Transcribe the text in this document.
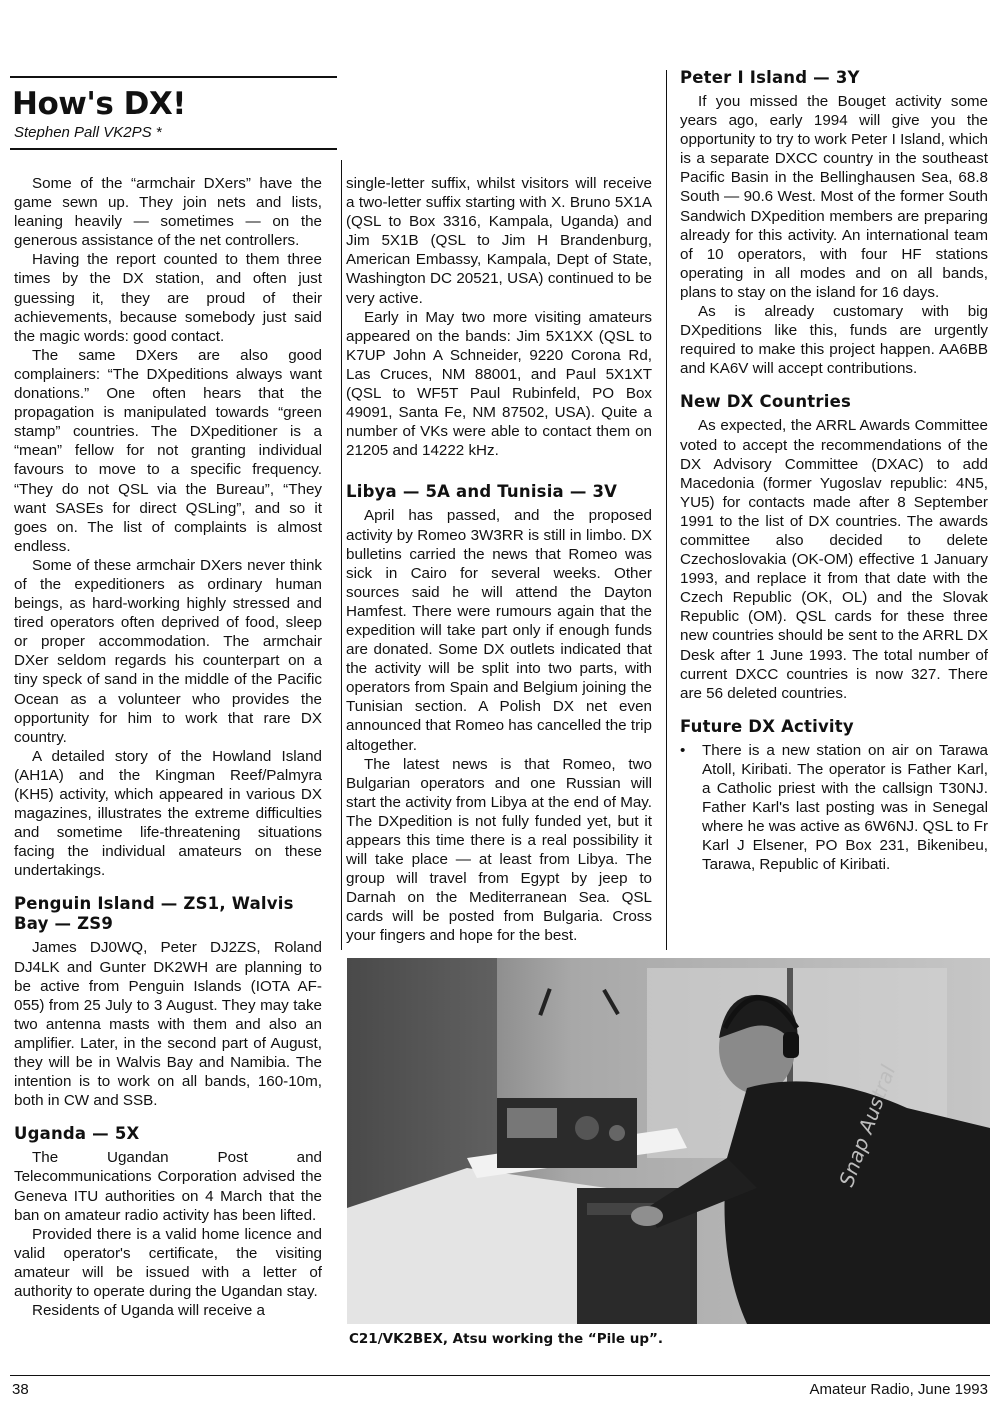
How's DX!

Stephen Pall VK2PS *

Some of the “armchair DXers” have the game sewn up. They join nets and lists, leaning heavily — sometimes — on the generous assistance of the net controllers.

Having the report counted to them three times by the DX station, and often just guessing it, they are proud of their achievements, because somebody just said the magic words: good contact.

The same DXers are also good complainers: “The DXpeditions always want donations.” One often hears that the propagation is manipulated towards “green stamp” countries. The DXpeditioner is a “mean” fellow for not granting individual favours to move to a specific frequency. “They do not QSL via the Bureau”, “They want SASEs for direct QSLing”, and so it goes on. The list of complaints is almost endless.

Some of these armchair DXers never think of the expeditioners as ordinary human beings, as hard-working highly stressed and tired operators often deprived of food, sleep or proper accommodation. The armchair DXer seldom regards his counterpart on a tiny speck of sand in the middle of the Pacific Ocean as a volunteer who provides the opportunity for him to work that rare DX country.

A detailed story of the Howland Island (AH1A) and the Kingman Reef/Palmyra (KH5) activity, which appeared in various DX magazines, illustrates the extreme difficulties and sometime life-threatening situations facing the individual amateurs on these undertakings.

Penguin Island — ZS1, Walvis Bay — ZS9

James DJ0WQ, Peter DJ2ZS, Roland DJ4LK and Gunter DK2WH are planning to be active from Penguin Islands (IOTA AF-055) from 25 July to 3 August. They may take two antenna masts with them and also an amplifier. Later, in the second part of August, they will be in Walvis Bay and Namibia. The intention is to work on all bands, 160-10m, both in CW and SSB.

Uganda — 5X

The Ugandan Post and Telecommunications Corporation advised the Geneva ITU authorities on 4 March that the ban on amateur radio activity has been lifted.

Provided there is a valid home licence and valid operator's certificate, the visiting amateur will be issued with a letter of authority to operate during the Ugandan stay.

Residents of Uganda will receive a

single-letter suffix, whilst visitors will receive a two-letter suffix starting with X. Bruno 5X1A (QSL to Box 3316, Kampala, Uganda) and Jim 5X1B (QSL to Jim H Brandenburg, American Embassy, Kampala, Dept of State, Washington DC 20521, USA) continued to be very active.

Early in May two more visiting amateurs appeared on the bands: Jim 5X1XX (QSL to K7UP John A Schneider, 9220 Corona Rd, Las Cruces, NM 88001, and Paul 5X1XT (QSL to WF5T Paul Rubinfeld, PO Box 49091, Santa Fe, NM 87502, USA). Quite a number of VKs were able to contact them on 21205 and 14222 kHz.

Libya — 5A and Tunisia — 3V

April has passed, and the proposed activity by Romeo 3W3RR is still in limbo. DX bulletins carried the news that Romeo was sick in Cairo for several weeks. Other sources said he will attend the Dayton Hamfest. There were rumours again that the expedition will take part only if enough funds are donated. Some DX outlets indicated that the activity will be split into two parts, with operators from Spain and Belgium joining the Tunisian section. A Polish DX net even announced that Romeo has cancelled the trip altogether.

The latest news is that Romeo, two Bulgarian operators and one Russian will start the activity from Libya at the end of May. The DXpedition is not fully funded yet, but it appears this time there is a real possibility it will take place — at least from Libya. The group will travel from Egypt by jeep to Darnah on the Mediterranean Sea. QSL cards will be posted from Bulgaria. Cross your fingers and hope for the best.

Peter I Island — 3Y

If you missed the Bouget activity some years ago, early 1994 will give you the opportunity to try to work Peter I Island, which is a separate DXCC country in the southeast Pacific Basin in the Bellinghausen Sea, 68.8 South — 90.6 West. Most of the former South Sandwich DXpedition members are preparing already for this activity. An international team of 10 operators, with four HF stations operating in all modes and on all bands, plans to stay on the island for 16 days.

As is already customary with big DXpeditions like this, funds are urgently required to make this project happen. AA6BB and KA6V will accept contributions.

New DX Countries

As expected, the ARRL Awards Committee voted to accept the recommendations of the DX Advisory Committee (DXAC) to add Macedonia (former Yugoslav republic: 4N5, YU5) for contacts made after 8 September 1991 to the list of DX countries. The awards committee also decided to delete Czechoslovakia (OK-OM) effective 1 January 1993, and replace it from that date with the Czech Republic (OK, OL) and the Slovak Republic (OM). QSL cards for these three new countries should be sent to the ARRL DX Desk after 1 June 1993. The total number of current DXCC countries is now 327. There are 56 deleted countries.

Future DX Activity
•	There is a new station on air on Tarawa Atoll, Kiribati. The operator is Father Karl, a Catholic priest with the callsign T30NJ. Father Karl's last posting was in Senegal where he was active as 6W6NJ. QSL to Fr Karl J Elsener, PO Box 231, Bikenibeu, Tarawa, Republic of Kiribati.
Snap Austral
C21/VK2BEX, Atsu working the “Pile up”.
38	Amateur Radio, June 1993
